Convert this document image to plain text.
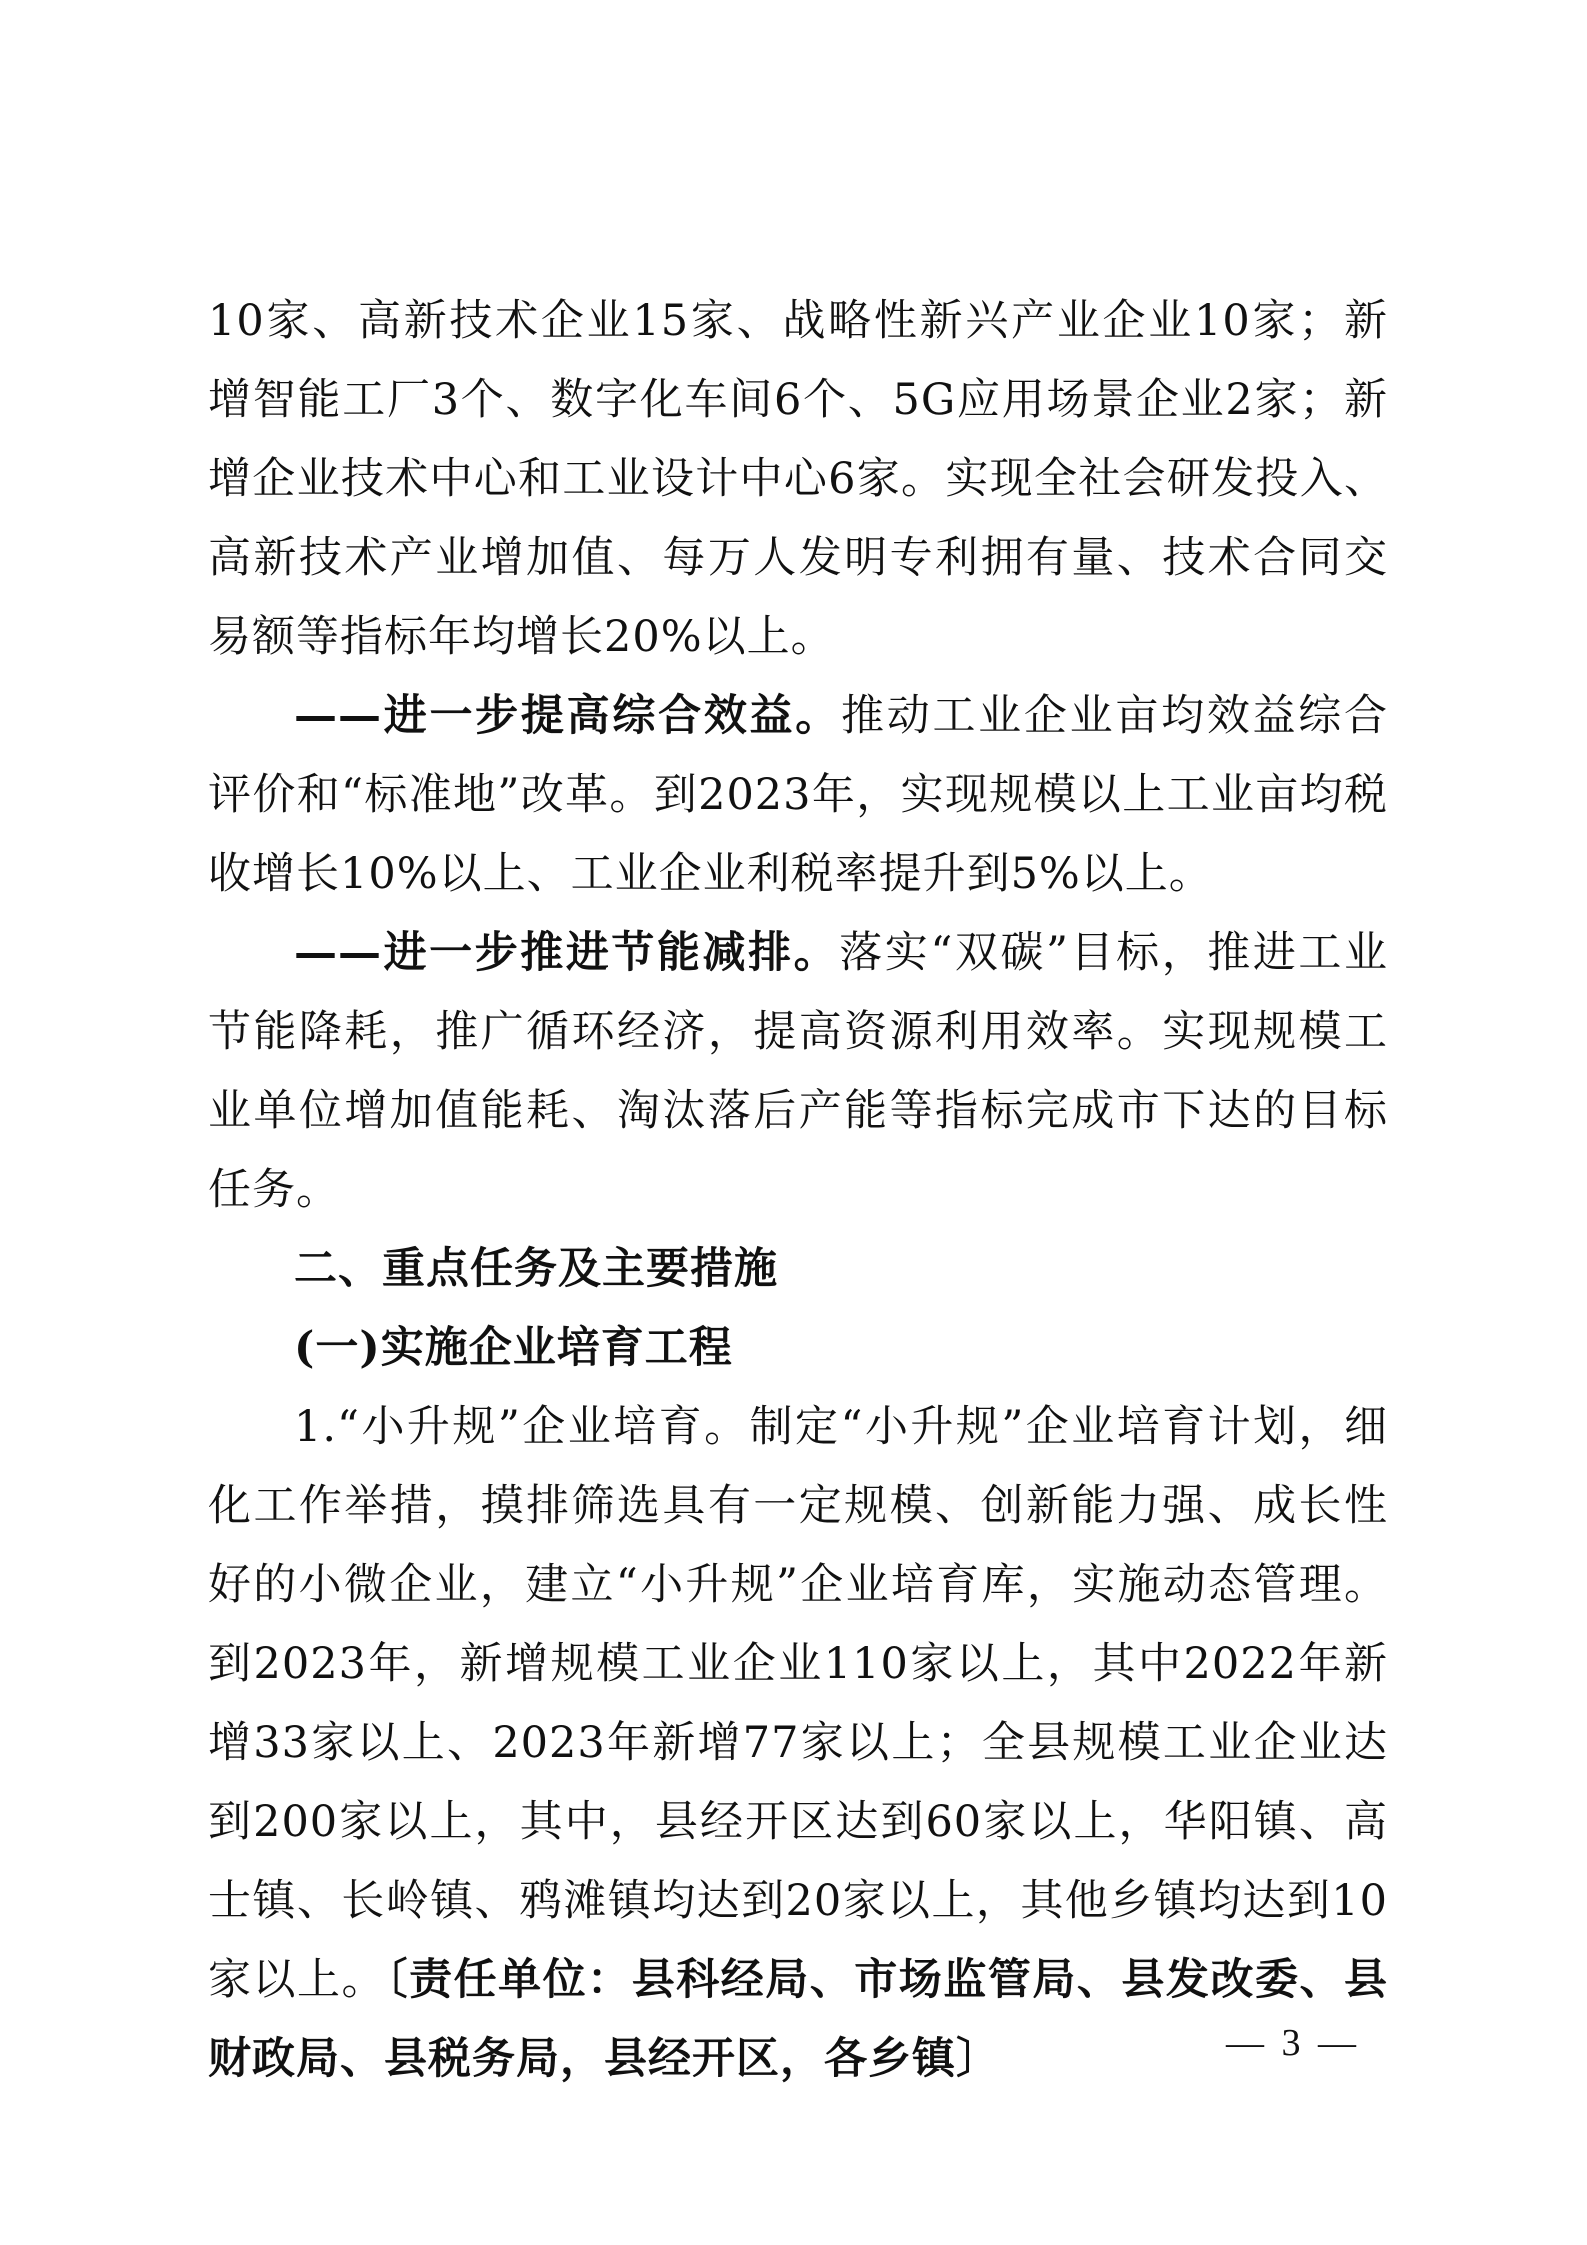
10家、高新技术企业15家、战略性新兴产业企业10家；新增智能工厂3个、数字化车间6个、5G应用场景企业2家；新增企业技术中心和工业设计中心6家。实现全社会研发投入、高新技术产业增加值、每万人发明专利拥有量、技术合同交易额等指标年均增长20%以上。

——进一步提高综合效益。推动工业企业亩均效益综合评价和“标准地”改革。到2023年，实现规模以上工业亩均税收增长10%以上、工业企业利税率提升到5%以上。

——进一步推进节能减排。落实“双碳”目标，推进工业节能降耗，推广循环经济，提高资源利用效率。实现规模工业单位增加值能耗、淘汰落后产能等指标完成市下达的目标任务。

二、重点任务及主要措施

(一)实施企业培育工程

1.“小升规”企业培育。制定“小升规”企业培育计划，细化工作举措，摸排筛选具有一定规模、创新能力强、成长性好的小微企业，建立“小升规”企业培育库，实施动态管理。到2023年，新增规模工业企业110家以上，其中2022年新增33家以上、2023年新增77家以上；全县规模工业企业达到200家以上，其中，县经开区达到60家以上，华阳镇、高士镇、长岭镇、鸦滩镇均达到20家以上，其他乡镇均达到10家以上。〔责任单位：县科经局、市场监管局、县发改委、县财政局、县税务局，县经开区，各乡镇〕	— 3 —
